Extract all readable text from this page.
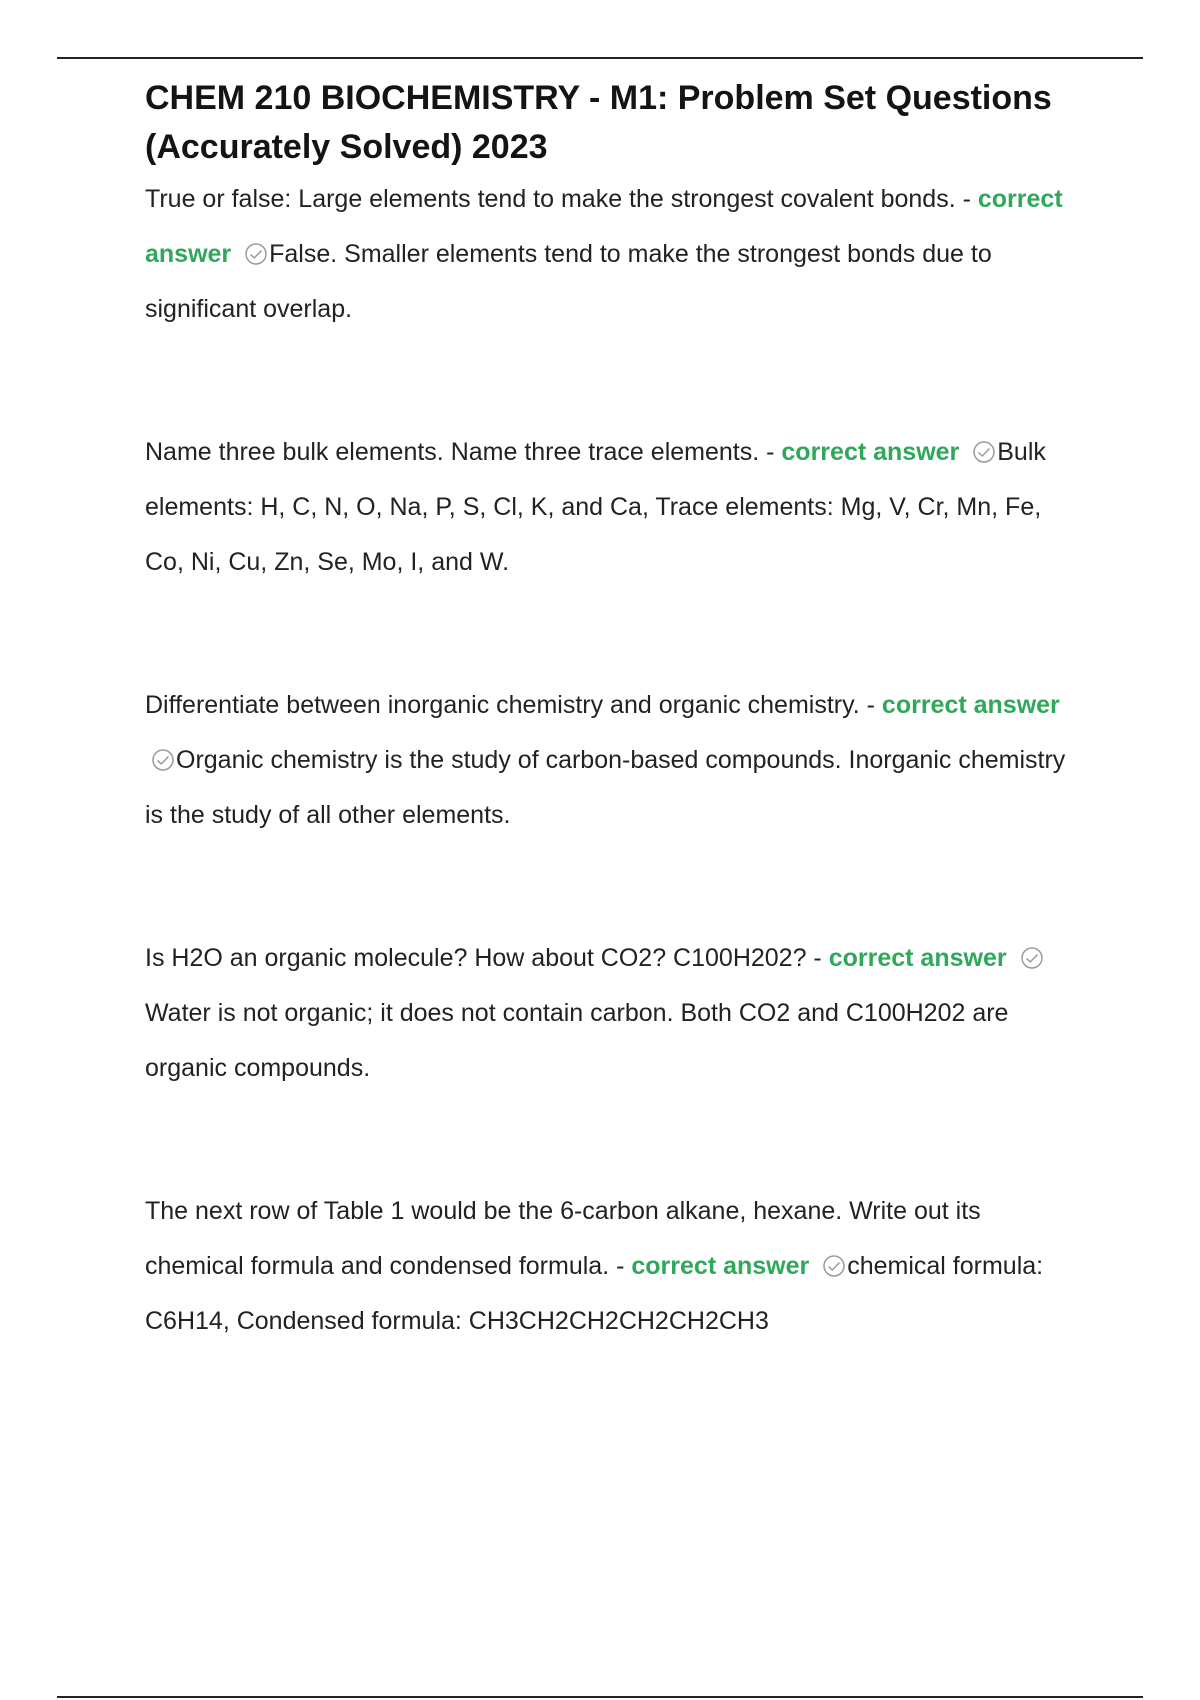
CHEM 210 BIOCHEMISTRY - M1: Problem Set Questions (Accurately Solved) 2023

True or false: Large elements tend to make the strongest covalent bonds. - correct answer False. Smaller elements tend to make the strongest bonds due to significant overlap.

Name three bulk elements. Name three trace elements. - correct answer Bulk elements: H, C, N, O, Na, P, S, Cl, K, and Ca, Trace elements: Mg, V, Cr, Mn, Fe, Co, Ni, Cu, Zn, Se, Mo, I, and W.

Differentiate between inorganic chemistry and organic chemistry. - correct answer
Organic chemistry is the study of carbon-based compounds. Inorganic chemistry is the study of all other elements.

Is H2O an organic molecule? How about CO2? C100H202? - correct answer
Water is not organic; it does not contain carbon. Both CO2 and C100H202 are organic compounds.

The next row of Table 1 would be the 6-carbon alkane, hexane. Write out its chemical formula and condensed formula. - correct answer chemical formula: C6H14, Condensed formula: CH3CH2CH2CH2CH2CH3
